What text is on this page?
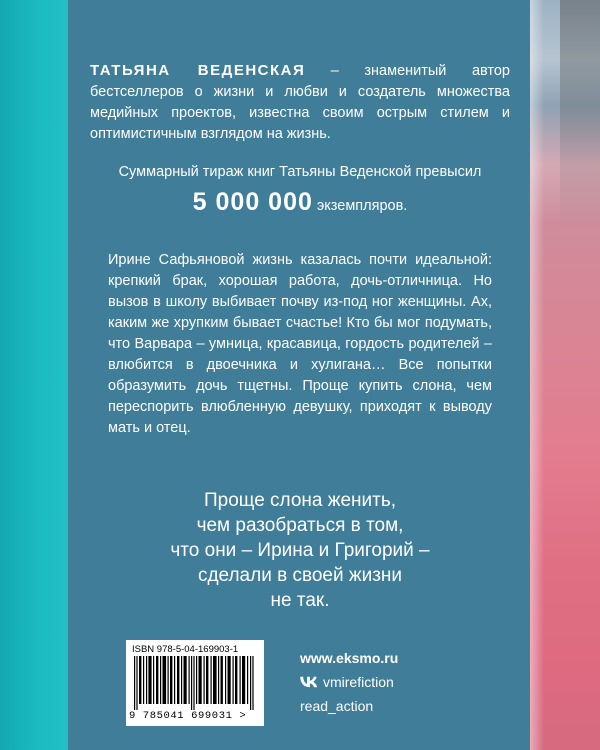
ТАТЬЯНА ВЕДЕНСКАЯ – знаменитый автор бестселлеров о жизни и любви и создатель множества медийных проектов, известна своим острым стилем и оптимистичным взглядом на жизнь.
Суммарный тираж книг Татьяны Веденской превысил
5 000 000 экземпляров.

Ирине Сафьяновой жизнь казалась почти идеальной: крепкий брак, хорошая работа, дочь-отличница. Но вызов в школу выбивает почву из-под ног женщины. Ах, каким же хрупким бывает счастье! Кто бы мог подумать, что Варвара – умница, красавица, гордость родителей – влюбится в двоечника и хулигана… Все попытки образумить дочь тщетны. Проще купить слона, чем переспорить влюбленную девушку, приходят к выводу мать и отец.

Проще слона женить,
чем разобраться в том,
что они – Ирина и Григорий –
сделали в своей жизни
не так.
ISBN 978-5-04-169903-1
9 785041 699031 >
www.eksmo.ru
vmirefiction
read_action
